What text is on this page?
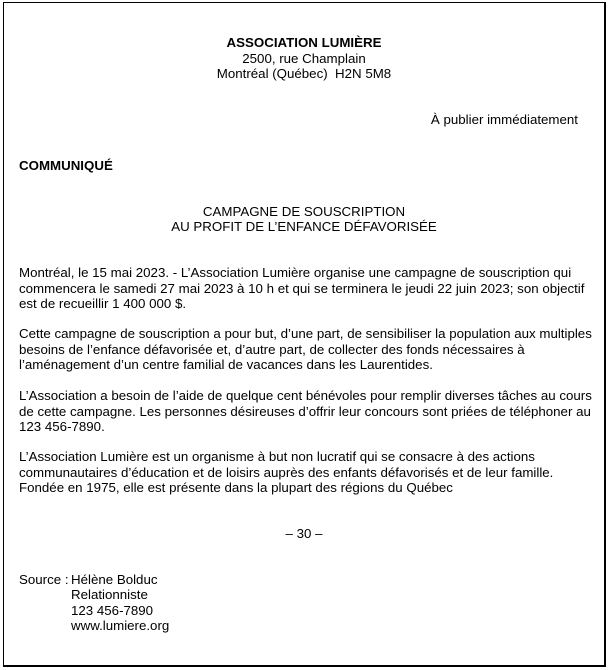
ASSOCIATION LUMIÈRE
2500, rue Champlain
Montréal (Québec)  H2N 5M8
À publier immédiatement
COMMUNIQUÉ
CAMPAGNE DE SOUSCRIPTION
AU PROFIT DE L’ENFANCE DÉFAVORISÉE
Montréal, le 15 mai 2023. - L’Association Lumière organise une campagne de souscription qui
commencera le samedi 27 mai 2023 à 10 h et qui se terminera le jeudi 22 juin 2023; son objectif
est de recueillir 1 400 000 $.
Cette campagne de souscription a pour but, d’une part, de sensibiliser la population aux multiples
besoins de l’enfance défavorisée et, d’autre part, de collecter des fonds nécessaires à
l’aménagement d’un centre familial de vacances dans les Laurentides.
L’Association a besoin de l’aide de quelque cent bénévoles pour remplir diverses tâches au cours
de cette campagne. Les personnes désireuses d’offrir leur concours sont priées de téléphoner au
123 456-7890.
L’Association Lumière est un organisme à but non lucratif qui se consacre à des actions
communautaires d’éducation et de loisirs auprès des enfants défavorisés et de leur famille.
Fondée en 1975, elle est présente dans la plupart des régions du Québec
– 30 –
Source : Hélène Bolduc
Relationniste
123 456-7890
www.lumiere.org
